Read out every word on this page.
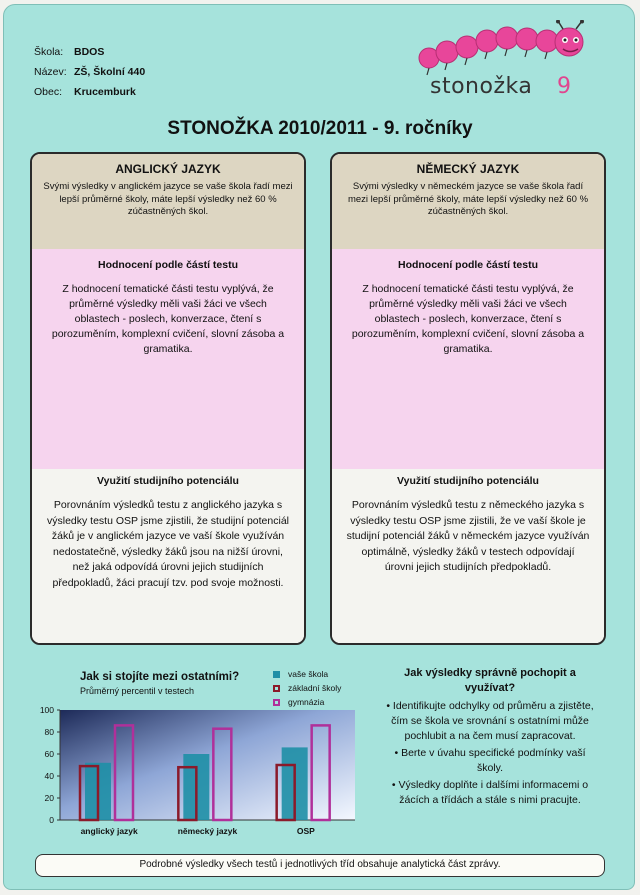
Škola:	BDOS
Název: ZŠ, Školní 440
Obec:	Krucemburk	stonožka 9
STONOŽKA 2010/2011 - 9. ročníky
ANGLICKÝ JAZYK

Svými výsledky v anglickém jazyce se vaše škola řadí mezi lepší průměrné školy, máte lepší výsledky než 60 % zúčastněných škol.

Hodnocení podle částí testu

Z hodnocení tematické části testu vyplývá, že průměrné výsledky měli vaši žáci ve všech oblastech - poslech, konverzace, čtení s porozuměním, komplexní cvičení, slovní zásoba a gramatika.

Využití studijního potenciálu

Porovnáním výsledků testu z anglického jazyka s výsledky testu OSP jsme zjistili, že studijní potenciál žáků je v anglickém jazyce ve vaší škole využíván nedostatečně, výsledky žáků jsou na nižší úrovni, než jaká odpovídá úrovni jejich studijních předpokladů, žáci pracují tzv. pod svoje možnosti.

NĚMECKÝ JAZYK

Svými výsledky v německém jazyce se vaše škola řadí mezi lepší průměrné školy, máte lepší výsledky než 60 % zúčastněných škol.

Hodnocení podle částí testu

Z hodnocení tematické části testu vyplývá, že průměrné výsledky měli vaši žáci ve všech oblastech - poslech, konverzace, čtení s porozuměním, komplexní cvičení, slovní zásoba a gramatika.

Využití studijního potenciálu

Porovnáním výsledků testu z německého jazyka s výsledky testu OSP jsme zjistili, že ve vaší škole je studijní potenciál žáků v německém jazyce využíván optimálně, výsledky žáků v testech odpovídají úrovni jejich studijních předpokladů.

Jak si stojíte mezi ostatními?
Průměrný percentil v testech
vaše škola
základní školy
gymnázia
0
20
40
60
80
100
anglický jazyk	německý jazyk	OSP
Jak výsledky správně pochopit a využívat?

• Identifikujte odchylky od průměru a zjistěte, čím se škola ve srovnání s ostatními může pochlubit a na čem musí zapracovat.

• Berte v úvahu specifické podmínky vaší školy.

• Výsledky doplňte i dalšími informacemi o žácích a třídách a stále s nimi pracujte.

Podrobné výsledky všech testů i jednotlivých tříd obsahuje analytická část zprávy.
